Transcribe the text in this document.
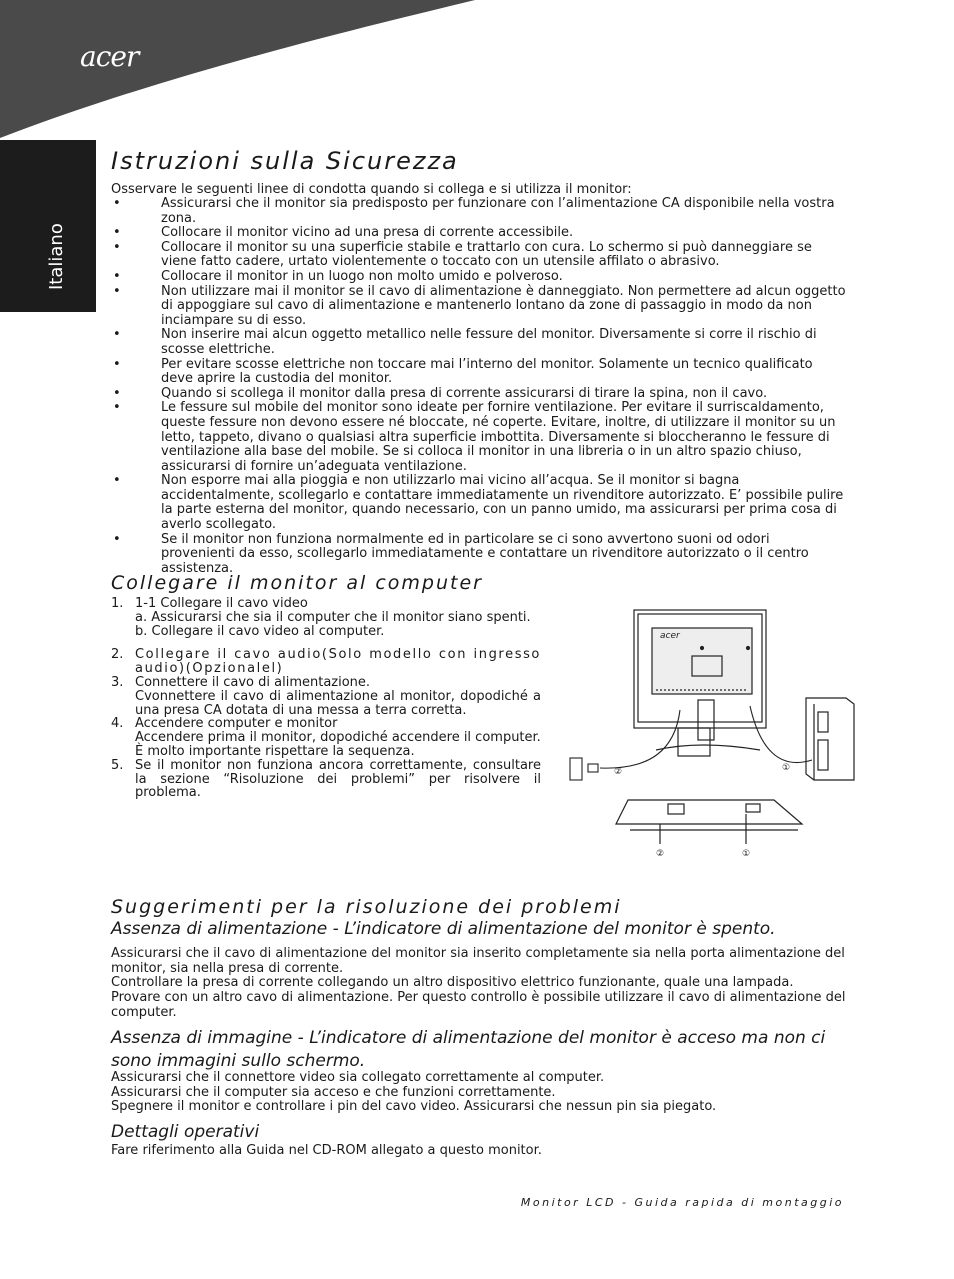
acer
Italiano
Istruzioni sulla Sicurezza
Osservare le seguenti linee di condotta quando si collega e si utilizza il monitor:
• Assicurarsi che il monitor sia predisposto per funzionare con l’alimentazione CA disponibile nella vostra zona.
• Collocare il monitor vicino ad una presa di corrente accessibile.
• Collocare il monitor su una superficie stabile e trattarlo con cura. Lo schermo si può danneggiare se viene fatto cadere, urtato violentemente o toccato con un utensile affilato o abrasivo.
• Collocare il monitor in un luogo non molto umido e polveroso.
• Non utilizzare mai il monitor se il cavo di alimentazione è danneggiato. Non permettere ad alcun oggetto di appoggiare sul cavo di alimentazione e mantenerlo lontano da zone di passaggio in modo da non inciampare su di esso.
• Non inserire mai alcun oggetto metallico nelle fessure del monitor. Diversamente si corre il rischio di scosse elettriche.
• Per evitare scosse elettriche non toccare mai l’interno del monitor. Solamente un tecnico qualificato deve aprire la custodia del monitor.
• Quando si scollega il monitor dalla presa di corrente assicurarsi di tirare la spina, non il cavo.
• Le fessure sul mobile del monitor sono ideate per fornire ventilazione. Per evitare il surriscaldamento, queste fessure non devono essere né bloccate, né coperte. Evitare, inoltre, di utilizzare il monitor su un letto, tappeto, divano o qualsiasi altra superficie imbottita. Diversamente si bloccheranno le fessure di ventilazione alla base del mobile. Se si colloca il monitor in una libreria o in un altro spazio chiuso, assicurarsi di fornire un’adeguata ventilazione.
• Non esporre mai alla pioggia e non utilizzarlo mai vicino all’acqua. Se il monitor si bagna accidentalmente, scollegarlo e contattare immediatamente un rivenditore autorizzato. E’ possibile pulire la parte esterna del monitor, quando necessario, con un panno umido, ma assicurarsi per prima cosa di averlo scollegato.
• Se il monitor non funziona normalmente ed in particolare se ci sono avvertono suoni od odori provenienti da esso, scollegarlo immediatamente e contattare un rivenditore autorizzato o il centro assistenza.
Collegare il monitor al computer
1. 1-1 Collegare il cavo video
a. Assicurarsi che sia il computer che il monitor siano spenti.
b. Collegare il cavo video al computer.
2. Collegare il cavo audio(Solo modello con ingresso audio)(Opzionalel)
3. Connettere il cavo di alimentazione.
Cvonnettere il cavo di alimentazione al monitor, dopodiché a una presa CA dotata di una messa a terra corretta.
4. Accendere computer e monitor
Accendere prima il monitor, dopodiché accendere il computer.
È molto importante rispettare la sequenza.
5. Se il monitor non funziona ancora correttamente, consultare la sezione “Risoluzione dei problemi” per risolvere il problema.
acer
②	①
②	①
Suggerimenti per la risoluzione dei problemi
Assenza di alimentazione - L’indicatore di alimentazione del monitor è spento.
Assicurarsi che il cavo di alimentazione del monitor sia inserito completamente sia nella porta alimentazione del monitor, sia nella presa di corrente.
Controllare la presa di corrente collegando un altro dispositivo elettrico funzionante, quale una lampada.
Provare con un altro cavo di alimentazione. Per questo controllo è possibile utilizzare il cavo di alimentazione del computer.
Assenza di immagine - L’indicatore di alimentazione del monitor è acceso ma non ci sono immagini sullo schermo.
Assicurarsi che il connettore video sia collegato correttamente al computer.
Assicurarsi che il computer sia acceso e che funzioni correttamente.
Spegnere il monitor e controllare i pin del cavo video. Assicurarsi che nessun pin sia piegato.
Dettagli operativi
Fare riferimento alla Guida nel CD-ROM allegato a questo monitor.
Monitor LCD - Guida rapida di montaggio
